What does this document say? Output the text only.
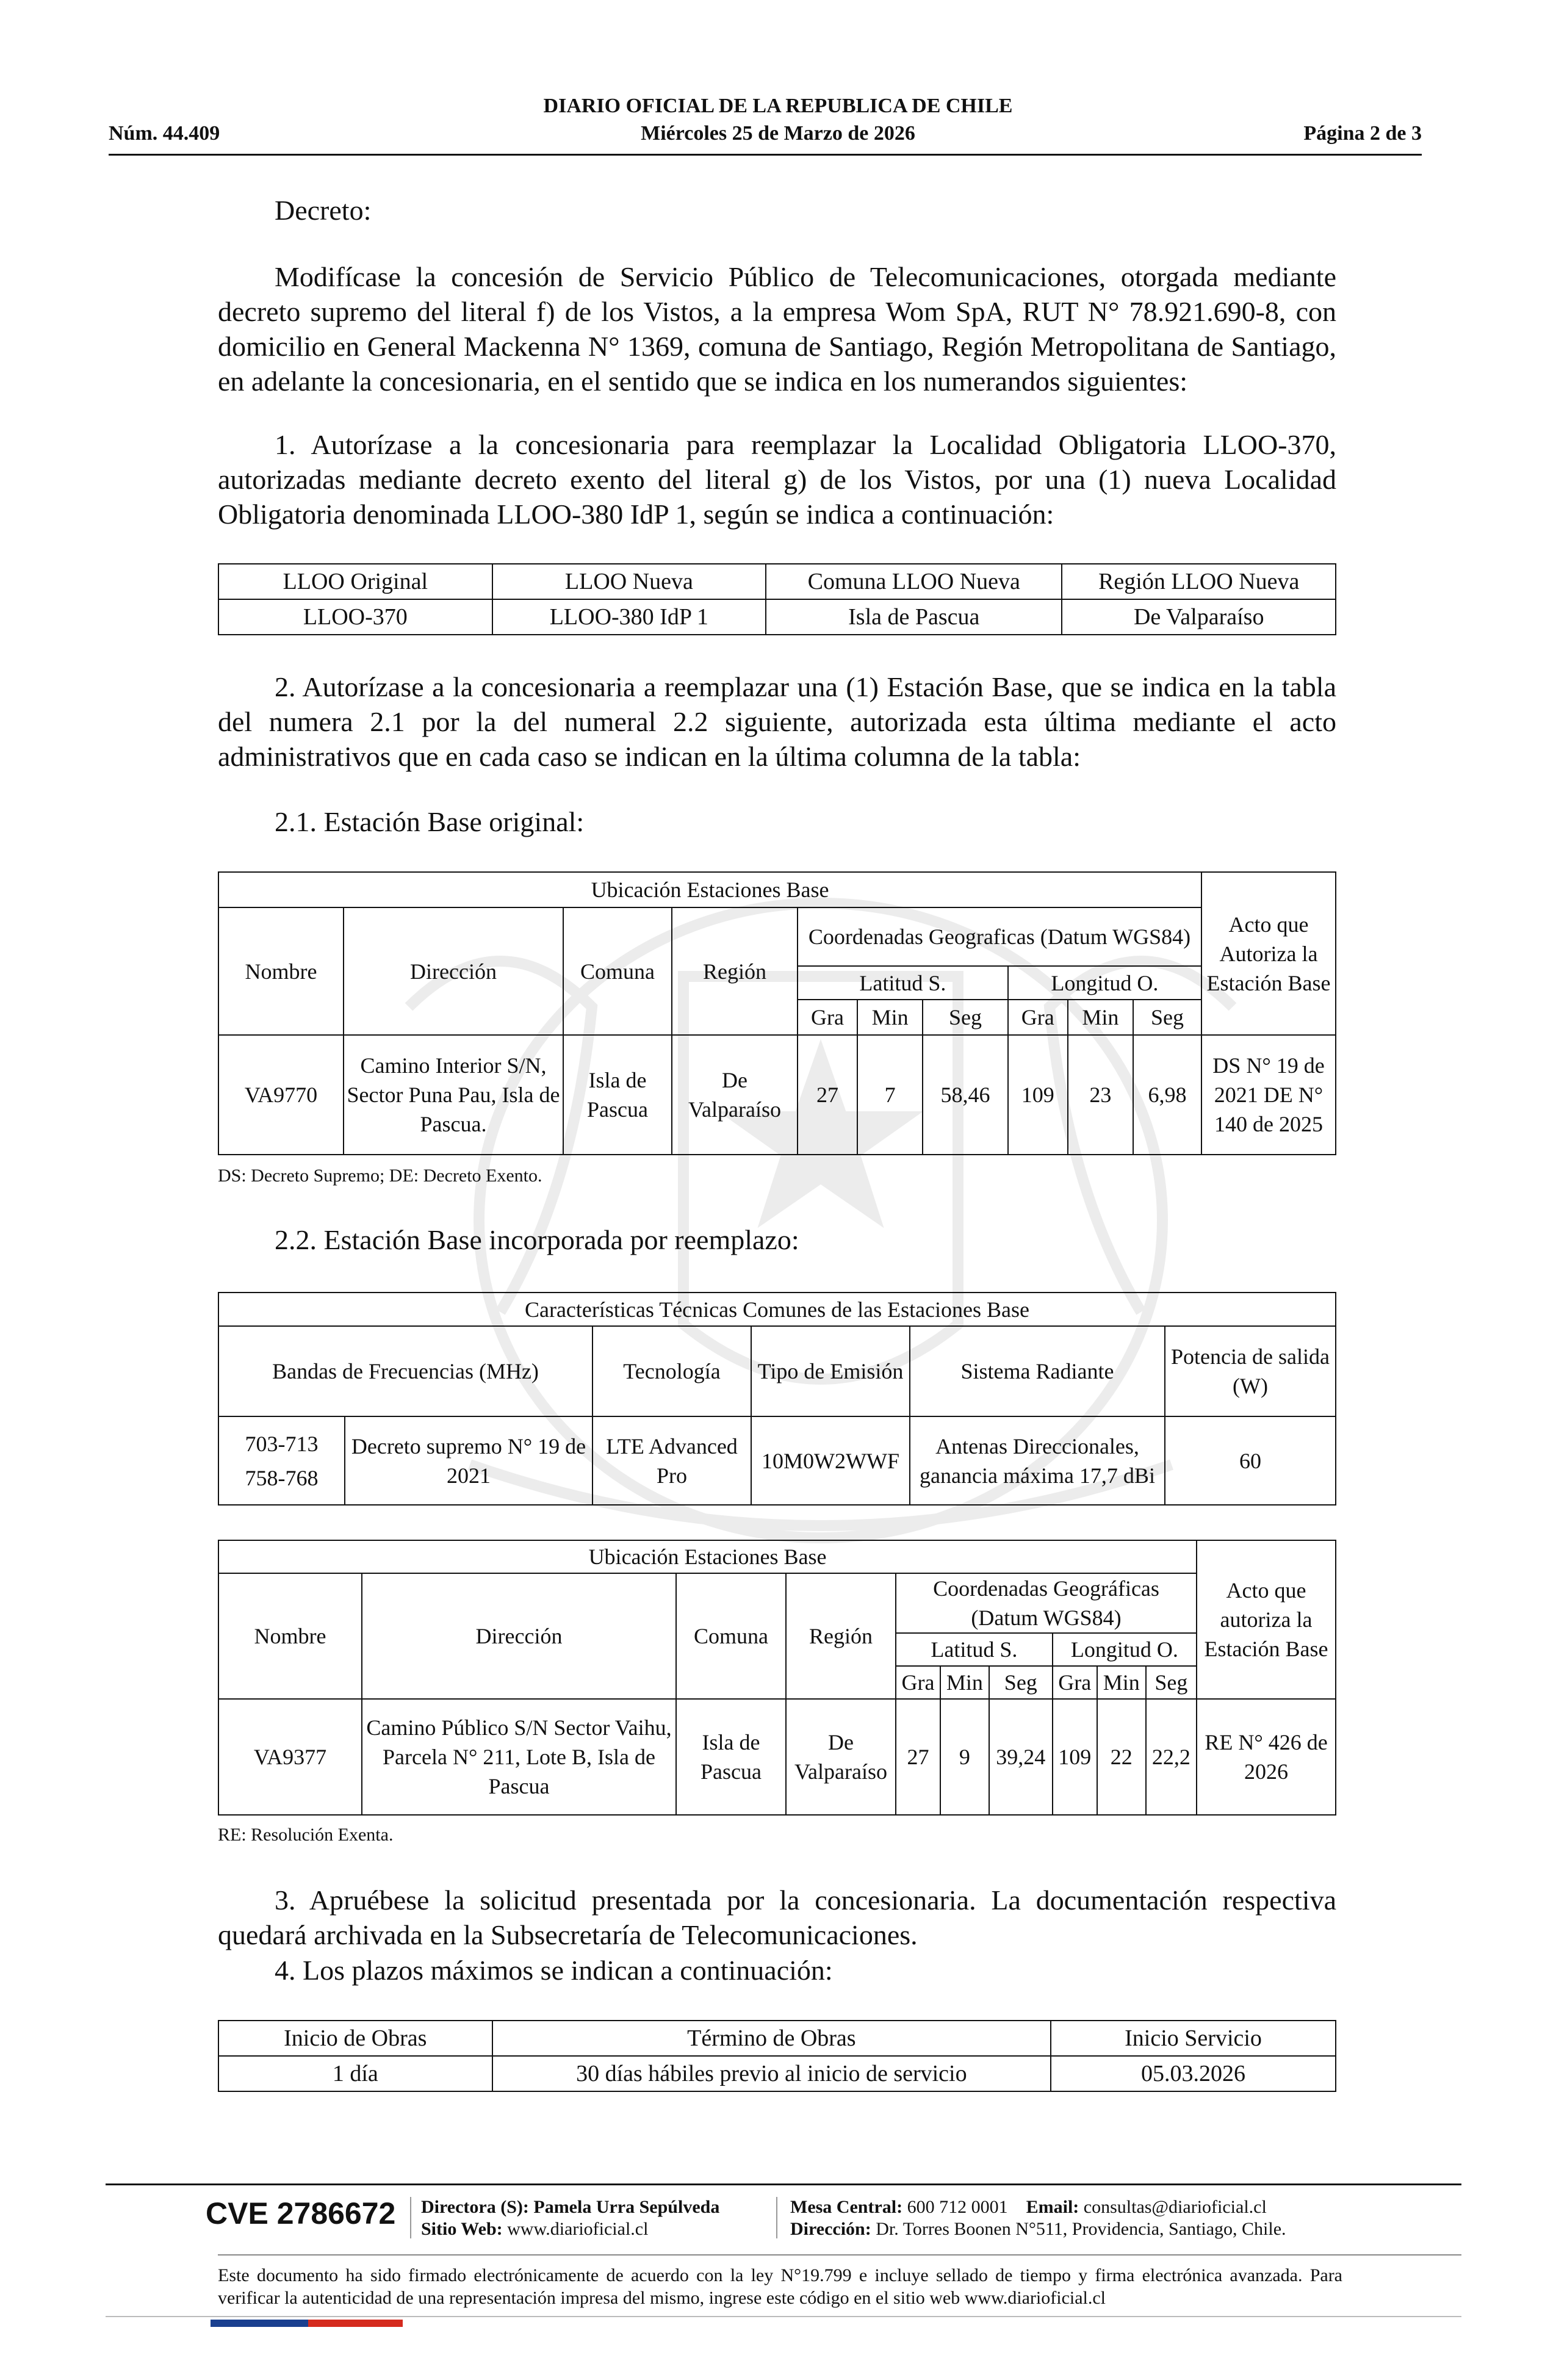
DIARIO OFICIAL DE LA REPUBLICA DE CHILE
Núm. 44.409	Miércoles 25 de Marzo de 2026	Página 2 de 3
Decreto:
Modifícase la concesión de Servicio Público de Telecomunicaciones, otorgada mediante decreto supremo del literal f) de los Vistos, a la empresa Wom SpA, RUT N° 78.921.690-8, con domicilio en General Mackenna N° 1369, comuna de Santiago, Región Metropolitana de Santiago, en adelante la concesionaria, en el sentido que se indica en los numerandos siguientes:
1. Autorízase a la concesionaria para reemplazar la Localidad Obligatoria LLOO-370, autorizadas mediante decreto exento del literal g) de los Vistos, por una (1) nueva Localidad Obligatoria denominada LLOO-380 IdP 1, según se indica a continuación:
LLOO Original	LLOO Nueva	Comuna LLOO Nueva	Región LLOO Nueva
LLOO-370	LLOO-380 IdP 1	Isla de Pascua	De Valparaíso
2. Autorízase a la concesionaria a reemplazar una (1) Estación Base, que se indica en la tabla del numera 2.1 por la del numeral 2.2 siguiente, autorizada esta última mediante el acto administrativos que en cada caso se indican en la última columna de la tabla:
2.1. Estación Base original:
Ubicación Estaciones Base										Acto que Autoriza la Estación Base
Nombre	Dirección	Comuna	Región	Coordenadas Geograficas (Datum WGS84)						
				Latitud S.			Longitud O.			
				Gra	Min	Seg	Gra	Min	Seg	
VA9770	Camino Interior S/N, Sector Puna Pau, Isla de Pascua.	Isla de Pascua	De Valparaíso	27	7	58,46	109	23	6,98	DS N° 19 de 2021 DE N° 140 de 2025
DS: Decreto Supremo; DE: Decreto Exento.
2.2. Estación Base incorporada por reemplazo:
Características Técnicas Comunes de las Estaciones Base					
Bandas de Frecuencias (MHz)		Tecnología	Tipo de Emisión	Sistema Radiante	Potencia de salida (W)

703-713
758-768	Decreto supremo N° 19 de 2021	LTE Advanced Pro	10M0W2WWF	Antenas Direccionales, ganancia máxima 17,7 dBi	60
Ubicación Estaciones Base										Acto que autoriza la Estación Base
Nombre	Dirección	Comuna	Región	Coordenadas Geográficas (Datum WGS84)						
				Latitud S.			Longitud O.			
				Gra	Min	Seg	Gra	Min	Seg	
VA9377	Camino Público S/N Sector Vaihu, Parcela N° 211, Lote B, Isla de Pascua	Isla de Pascua	De Valparaíso	27	9	39,24	109	22	22,2	RE N° 426 de 2026
RE: Resolución Exenta.
3. Apruébese la solicitud presentada por la concesionaria. La documentación respectiva quedará archivada en la Subsecretaría de Telecomunicaciones.
4. Los plazos máximos se indican a continuación:
Inicio de Obras	Término de Obras	Inicio Servicio
1 día	30 días hábiles previo al inicio de servicio	05.03.2026
CVE 2786672 Directora (S): Pamela Urra Sepúlveda
Sitio Web: www.diarioficial.cl
Mesa Central: 600 712 0001 Email: consultas@diarioficial.cl
Dirección: Dr. Torres Boonen N°511, Providencia, Santiago, Chile.
Este documento ha sido firmado electrónicamente de acuerdo con la ley N°19.799 e incluye sellado de tiempo y firma electrónica avanzada. Para verificar la autenticidad de una representación impresa del mismo, ingrese este código en el sitio web www.diarioficial.cl
